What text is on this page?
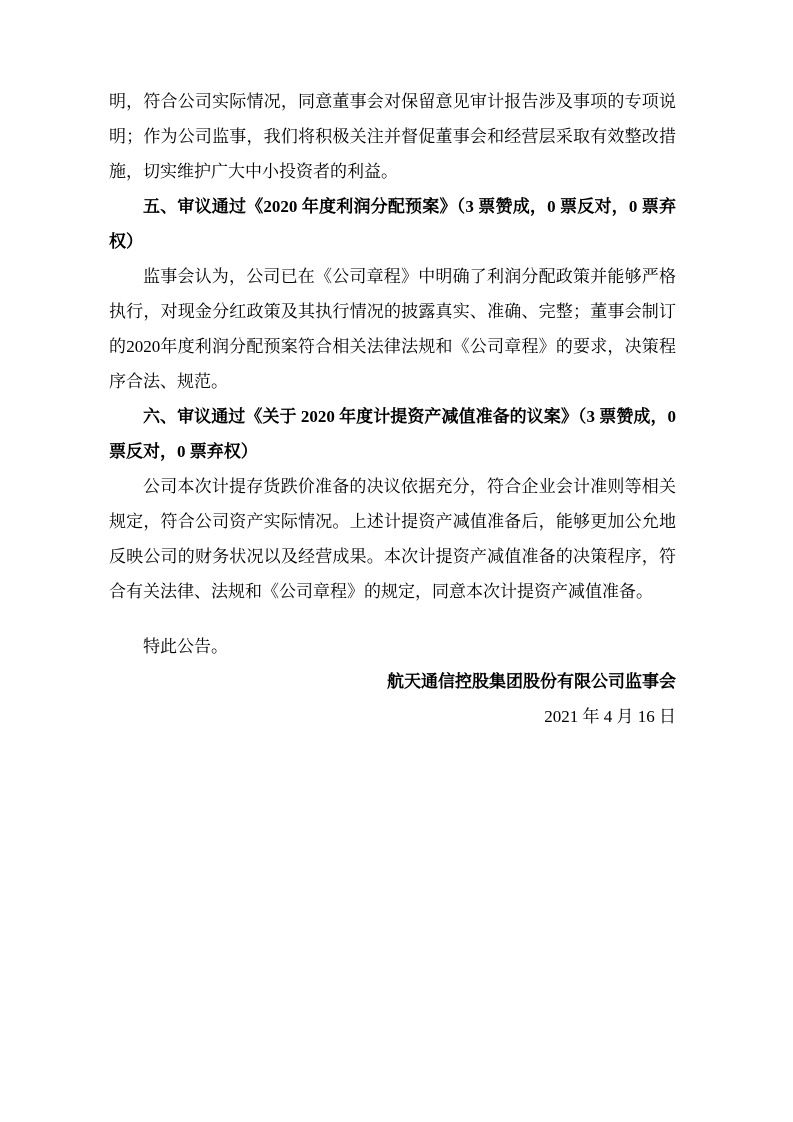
明，符合公司实际情况，同意董事会对保留意见审计报告涉及事项的专项说明；作为公司监事，我们将积极关注并督促董事会和经营层采取有效整改措施，切实维护广大中小投资者的利益。

五、审议通过《2020 年度利润分配预案》（3 票赞成，0 票反对，0 票弃权）

监事会认为，公司已在《公司章程》中明确了利润分配政策并能够严格执行，对现金分红政策及其执行情况的披露真实、准确、完整；董事会制订的2020年度利润分配预案符合相关法律法规和《公司章程》的要求，决策程序合法、规范。

六、审议通过《关于 2020 年度计提资产减值准备的议案》（3 票赞成，0 票反对，0 票弃权）

公司本次计提存货跌价准备的决议依据充分，符合企业会计准则等相关规定，符合公司资产实际情况。上述计提资产减值准备后，能够更加公允地反映公司的财务状况以及经营成果。本次计提资产减值准备的决策程序，符合有关法律、法规和《公司章程》的规定，同意本次计提资产减值准备。

特此公告。

航天通信控股集团股份有限公司监事会

2021 年 4 月 16 日
